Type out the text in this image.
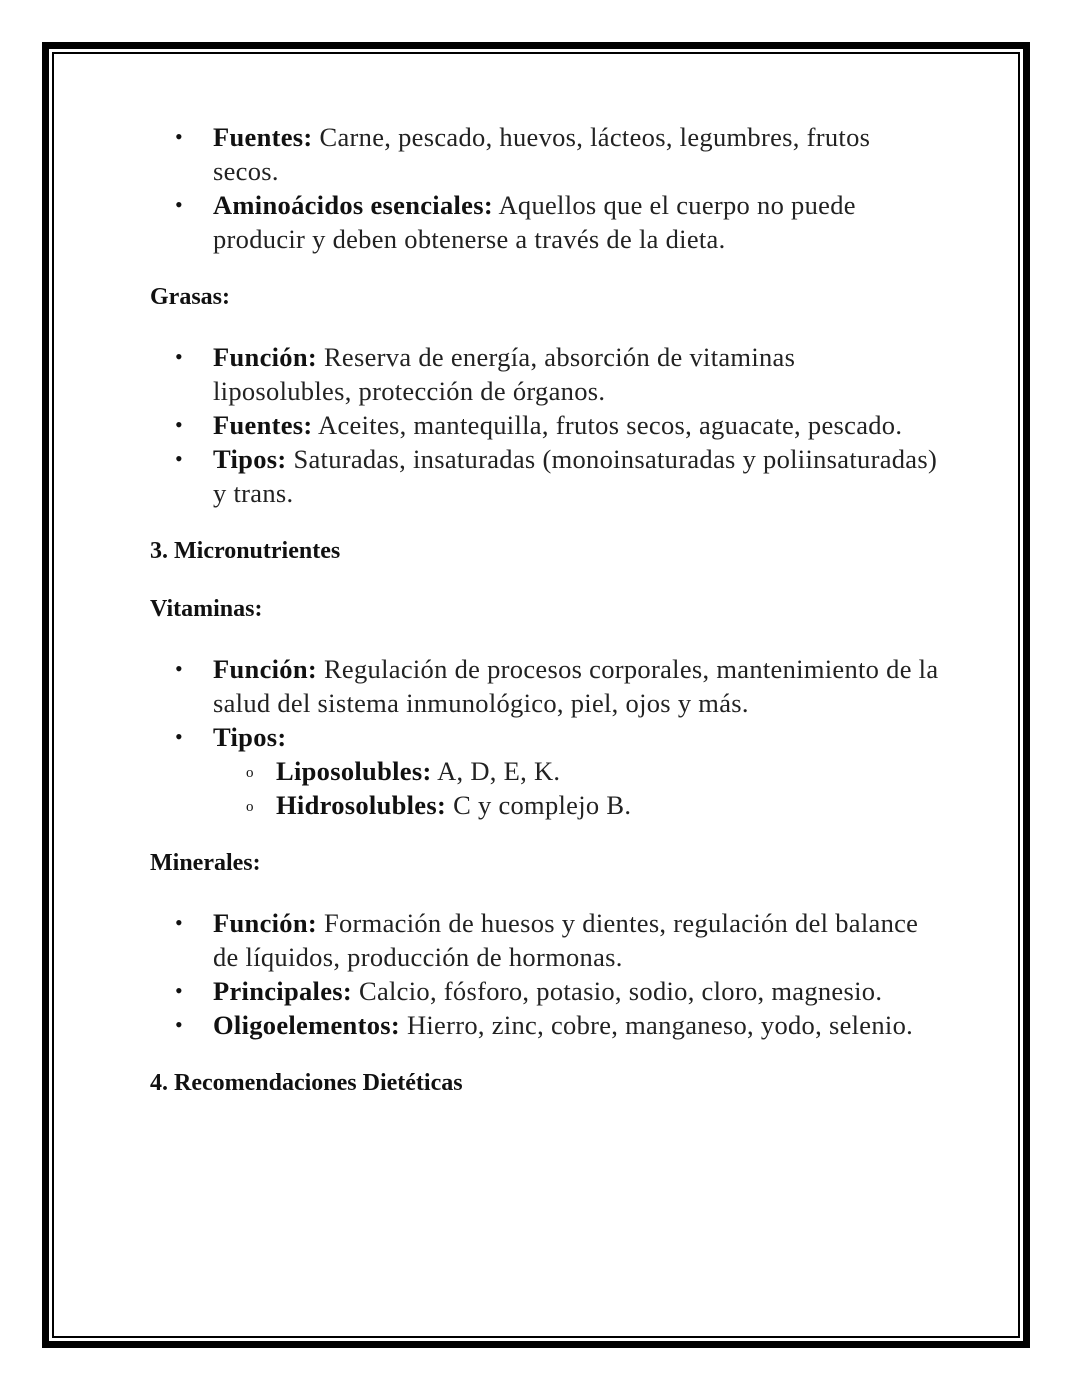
• Fuentes: Carne, pescado, huevos, lácteos, legumbres, frutos secos.
• Aminoácidos esenciales: Aquellos que el cuerpo no puede producir y deben obtenerse a través de la dieta.

Grasas:

• Función: Reserva de energía, absorción de vitaminas liposolubles, protección de órganos.
• Fuentes: Aceites, mantequilla, frutos secos, aguacate, pescado.
• Tipos: Saturadas, insaturadas (monoinsaturadas y poliinsaturadas) y trans.

3. Micronutrientes

Vitaminas:

• Función: Regulación de procesos corporales, mantenimiento de la salud del sistema inmunológico, piel, ojos y más.
• Tipos:
o Liposolubles: A, D, E, K.
o Hidrosolubles: C y complejo B.

Minerales:

• Función: Formación de huesos y dientes, regulación del balance de líquidos, producción de hormonas.
• Principales: Calcio, fósforo, potasio, sodio, cloro, magnesio.
• Oligoelementos: Hierro, zinc, cobre, manganeso, yodo, selenio.

4. Recomendaciones Dietéticas
